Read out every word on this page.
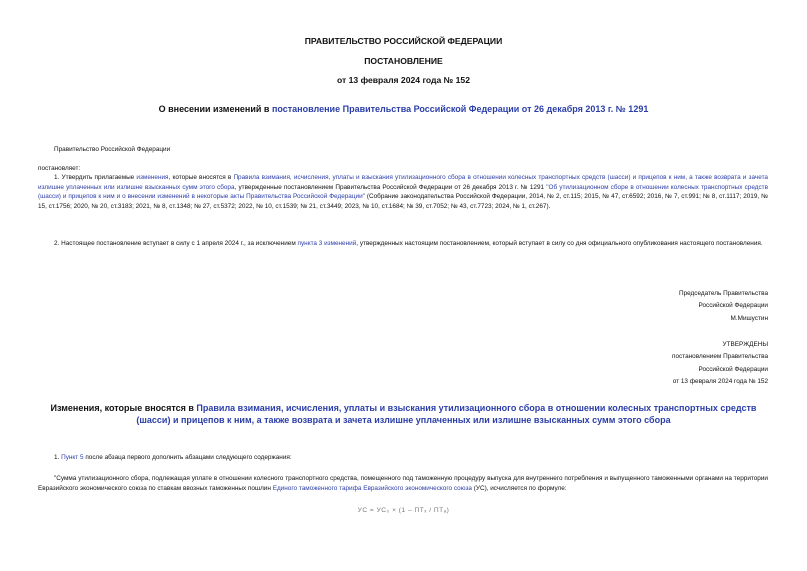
ПРАВИТЕЛЬСТВО РОССИЙСКОЙ ФЕДЕРАЦИИ
ПОСТАНОВЛЕНИЕ
от 13 февраля 2024 года № 152
О внесении изменений в постановление Правительства Российской Федерации от 26 декабря 2013 г. № 1291
Правительство Российской Федерации
постановляет:
1. Утвердить прилагаемые изменения, которые вносятся в Правила взимания, исчисления, уплаты и взыскания утилизационного сбора в отношении колесных транспортных средств (шасси) и прицепов к ним, а также возврата и зачета излишне уплаченных или излишне взысканных сумм этого сбора, утвержденные постановлением Правительства Российской Федерации от 26 декабря 2013 г. № 1291 "Об утилизационном сборе в отношении колесных транспортных средств (шасси) и прицепов к ним и о внесении изменений в некоторые акты Правительства Российской Федерации" (Собрание законодательства Российской Федерации, 2014, № 2, ст.115; 2015, № 47, ст.6592; 2016, № 7, ст.991; № 8, ст.1117; 2019, № 15, ст.1756; 2020, № 20, ст.3183; 2021, № 8, ст.1348; № 27, ст.5372; 2022, № 10, ст.1539; № 21, ст.3449; 2023, № 10, ст.1684; № 39, ст.7052; № 43, ст.7723; 2024, № 1, ст.267).
2. Настоящее постановление вступает в силу с 1 апреля 2024 г., за исключением пункта 3 изменений, утвержденных настоящим постановлением, который вступает в силу со дня официального опубликования настоящего постановления.
Председатель Правительства
Российской Федерации
М.Мишустин
УТВЕРЖДЕНЫ
постановлением Правительства
Российской Федерации
от 13 февраля 2024 года № 152
Изменения, которые вносятся в Правила взимания, исчисления, уплаты и взыскания утилизационного сбора в отношении колесных транспортных средств (шасси) и прицепов к ним, а также возврата и зачета излишне уплаченных или излишне взысканных сумм этого сбора
1. Пункт 5 после абзаца первого дополнить абзацами следующего содержания:
"Сумма утилизационного сбора, подлежащая уплате в отношении колесного транспортного средства, помещенного под таможенную процедуру выпуска для внутреннего потребления и выпущенного таможенными органами на территории Евразийского экономического союза по ставкам ввозных таможенных пошлин Единого таможенного тарифа Евразийского экономического союза (УС), исчисляется по формуле:
УС = УС₀ × (1 – ПТₓ / ПТₐ)
